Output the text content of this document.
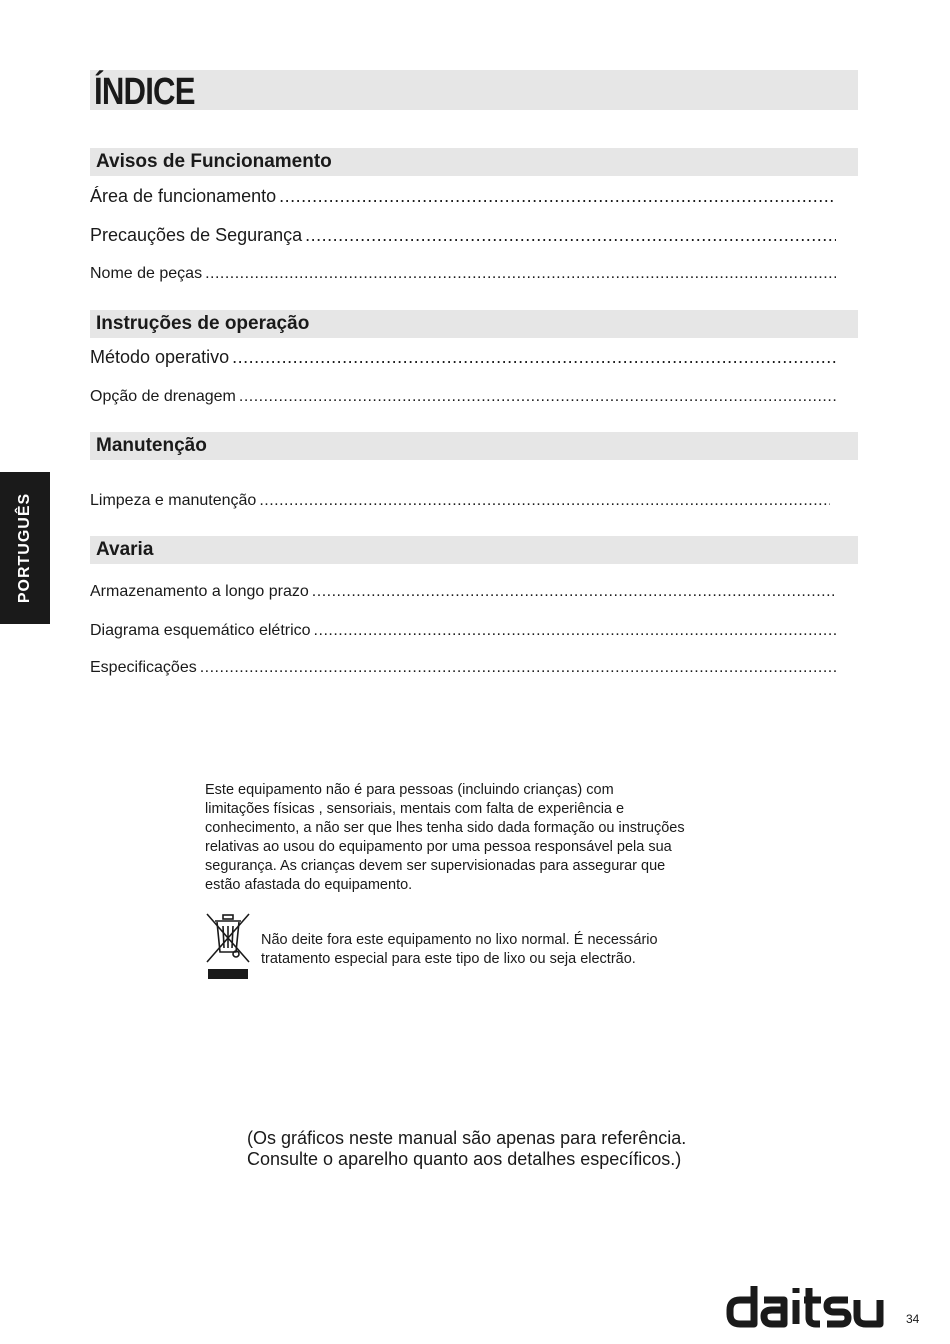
ÍNDICE
Avisos de Funcionamento
Área de funcionamento
.....
Precauções de Segurança
.....
Nome de peças
.....
Instruções de operação
Método operativo
.....
Opção de drenagem
.....
Manutenção
Limpeza e manutenção
.....
Avaria
Armazenamento a longo prazo
.....
Diagrama esquemático elétrico
.....
Especificações
.....
PORTUGUÊS
Este equipamento não é para pessoas (incluindo crianças) com
limitações físicas , sensoriais, mentais com falta de experiência e
conhecimento, a não ser que lhes tenha sido dada formação ou instruções
relativas ao usou do equipamento por uma pessoa responsável pela sua
segurança. As crianças devem ser supervisionadas para assegurar que
estão afastada do equipamento.
Não deite fora este equipamento no lixo normal. É necessário
tratamento especial para este tipo de lixo ou seja electrão.
(Os gráficos neste manual são apenas para referência.
Consulte o aparelho quanto aos detalhes específicos.)
34
